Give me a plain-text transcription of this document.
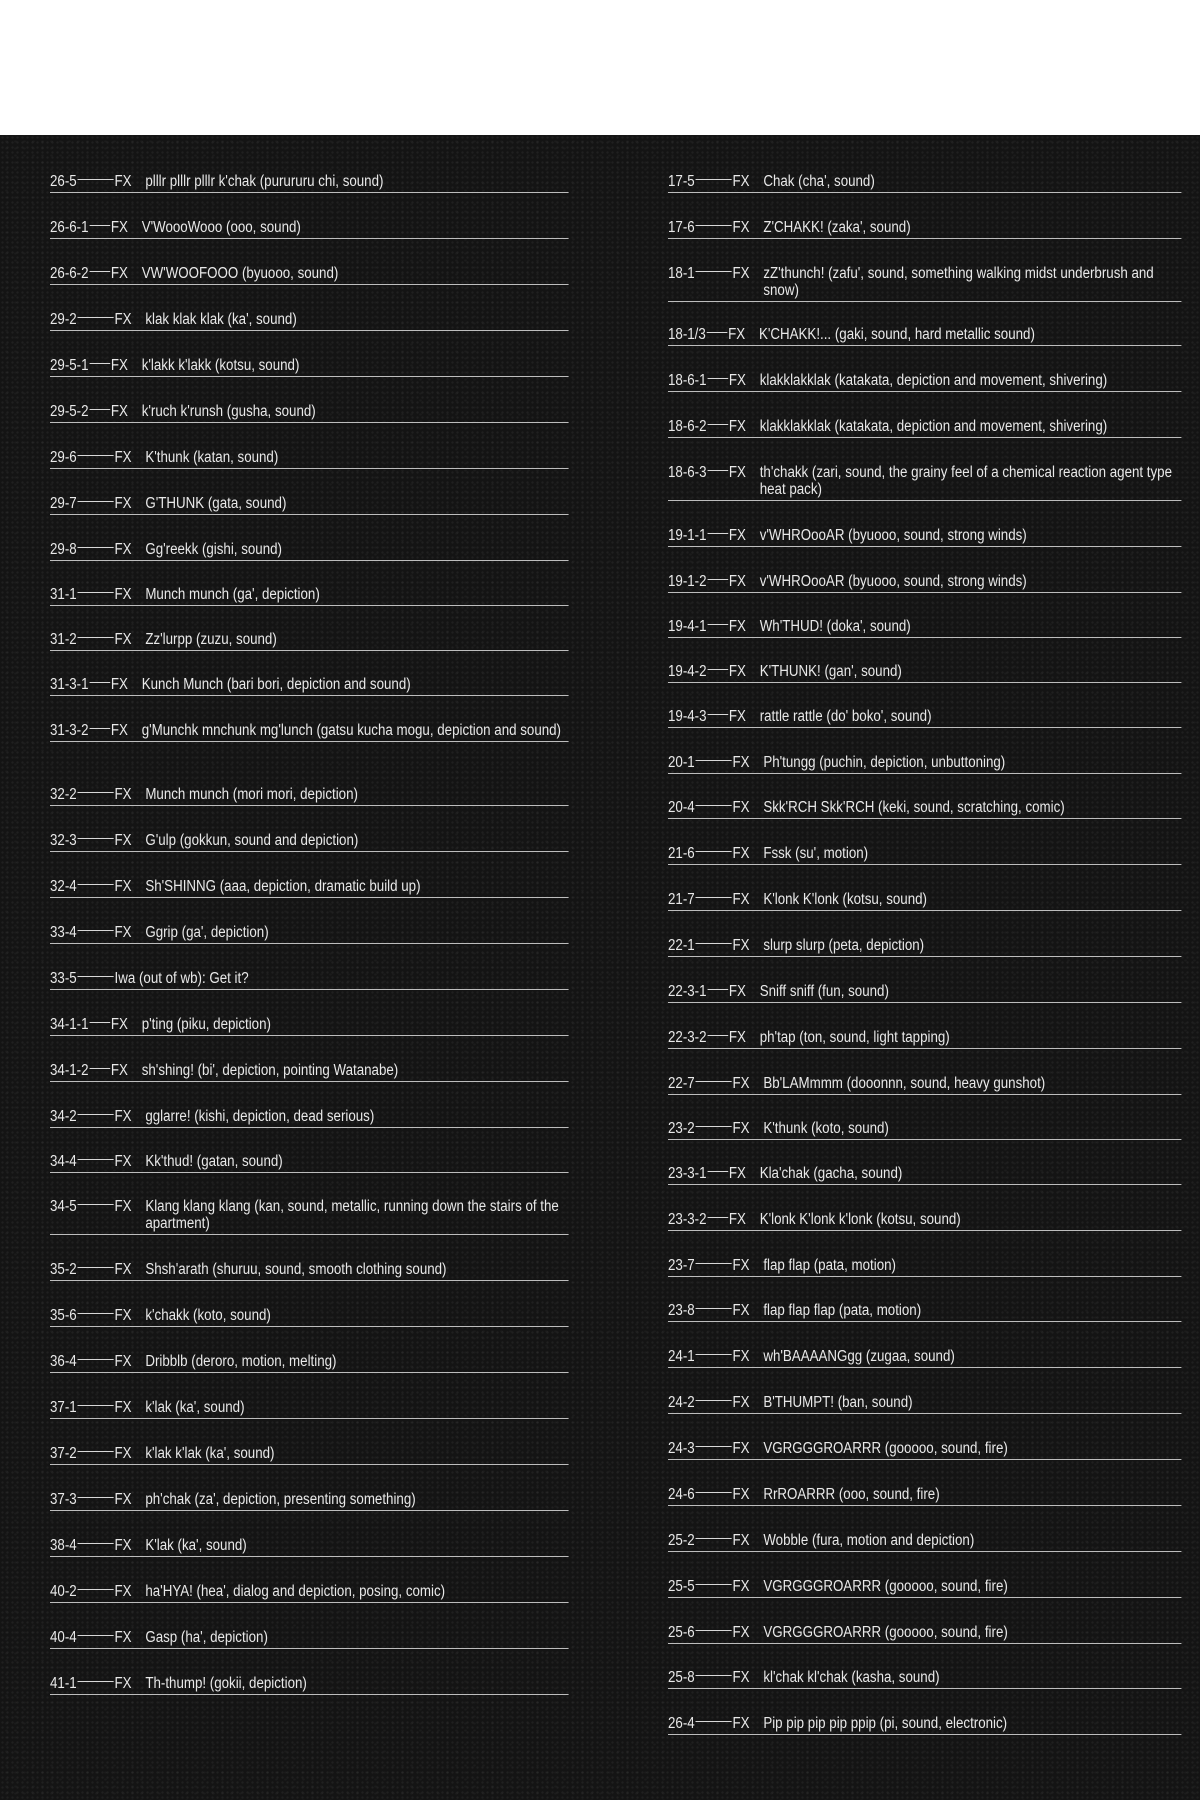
26-5 FX plllr plllr plllr k'chak (purururu chi, sound)
26-6-1 FX V'WoooWooo (ooo, sound)
26-6-2 FX VW'WOOFOOO (byuooo, sound)
29-2 FX klak klak klak (ka', sound)
29-5-1 FX k'lakk k'lakk (kotsu, sound)
29-5-2 FX k'ruch k'runsh (gusha, sound)
29-6 FX K'thunk (katan, sound)
29-7 FX G'THUNK (gata, sound)
29-8 FX Gg'reekk (gishi, sound)
31-1 FX Munch munch (ga', depiction)
31-2 FX Zz'lurpp (zuzu, sound)
31-3-1 FX Kunch Munch (bari bori, depiction and sound)
31-3-2 FX g'Munchk mnchunk mg'lunch (gatsu kucha mogu, depiction and sound)
32-2 FX Munch munch (mori mori, depiction)
32-3 FX G'ulp (gokkun, sound and depiction)
32-4 FX Sh'SHINNG (aaa, depiction, dramatic build up)
33-4 FX Ggrip (ga', depiction)
33-5	Iwa (out of wb): Get it?
34-1-1 FX p'ting (piku, depiction)
34-1-2 FX sh'shing! (bi', depiction, pointing Watanabe)
34-2 FX gglarre! (kishi, depiction, dead serious)
34-4 FX Kk'thud! (gatan, sound)
34-5 FX Klang klang klang (kan, sound, metallic, running down the stairs of the apartment)
35-2 FX Shsh'arath (shuruu, sound, smooth clothing sound)
35-6 FX k'chakk (koto, sound)
36-4 FX Dribblb (deroro, motion, melting)
37-1 FX k'lak (ka', sound)
37-2 FX k'lak k'lak (ka', sound)
37-3 FX ph'chak (za', depiction, presenting something)
38-4 FX K'lak (ka', sound)
40-2 FX ha'HYA! (hea', dialog and depiction, posing, comic)
40-4 FX Gasp (ha', depiction)
41-1 FX Th-thump! (gokii, depiction)
17-5 FX Chak (cha', sound)
17-6 FX Z'CHAKK! (zaka', sound)
18-1 FX zZ'thunch! (zafu', sound, something walking midst underbrush and snow)
18-1/3 FX K'CHAKK!... (gaki, sound, hard metallic sound)
18-6-1 FX klakklakklak (katakata, depiction and movement, shivering)
18-6-2 FX klakklakklak (katakata, depiction and movement, shivering)
18-6-3 FX th'chakk (zari, sound, the grainy feel of a chemical reaction agent type heat pack)
19-1-1 FX v'WHROooAR (byuooo, sound, strong winds)
19-1-2 FX v'WHROooAR (byuooo, sound, strong winds)
19-4-1 FX Wh'THUD! (doka', sound)
19-4-2 FX K'THUNK! (gan', sound)
19-4-3 FX rattle rattle (do' boko', sound)
20-1 FX Ph'tungg (puchin, depiction, unbuttoning)
20-4 FX Skk'RCH Skk'RCH (keki, sound, scratching, comic)
21-6 FX Fssk (su', motion)
21-7 FX K'lonk K'lonk (kotsu, sound)
22-1 FX slurp slurp (peta, depiction)
22-3-1 FX Sniff sniff (fun, sound)
22-3-2 FX ph'tap (ton, sound, light tapping)
22-7 FX Bb'LAMmmm (dooonnn, sound, heavy gunshot)
23-2 FX K'thunk (koto, sound)
23-3-1 FX Kla'chak (gacha, sound)
23-3-2 FX K'lonk K'lonk k'lonk (kotsu, sound)
23-7 FX flap flap (pata, motion)
23-8 FX flap flap flap (pata, motion)
24-1 FX wh'BAAAANGgg (zugaa, sound)
24-2 FX B'THUMPT! (ban, sound)
24-3 FX VGRGGGROARRR (gooooo, sound, fire)
24-6 FX RrROARRR (ooo, sound, fire)
25-2 FX Wobble (fura, motion and depiction)
25-5 FX VGRGGGROARRR (gooooo, sound, fire)
25-6 FX VGRGGGROARRR (gooooo, sound, fire)
25-8 FX kl'chak kl'chak (kasha, sound)
26-4 FX Pip pip pip pip ppip (pi, sound, electronic)
